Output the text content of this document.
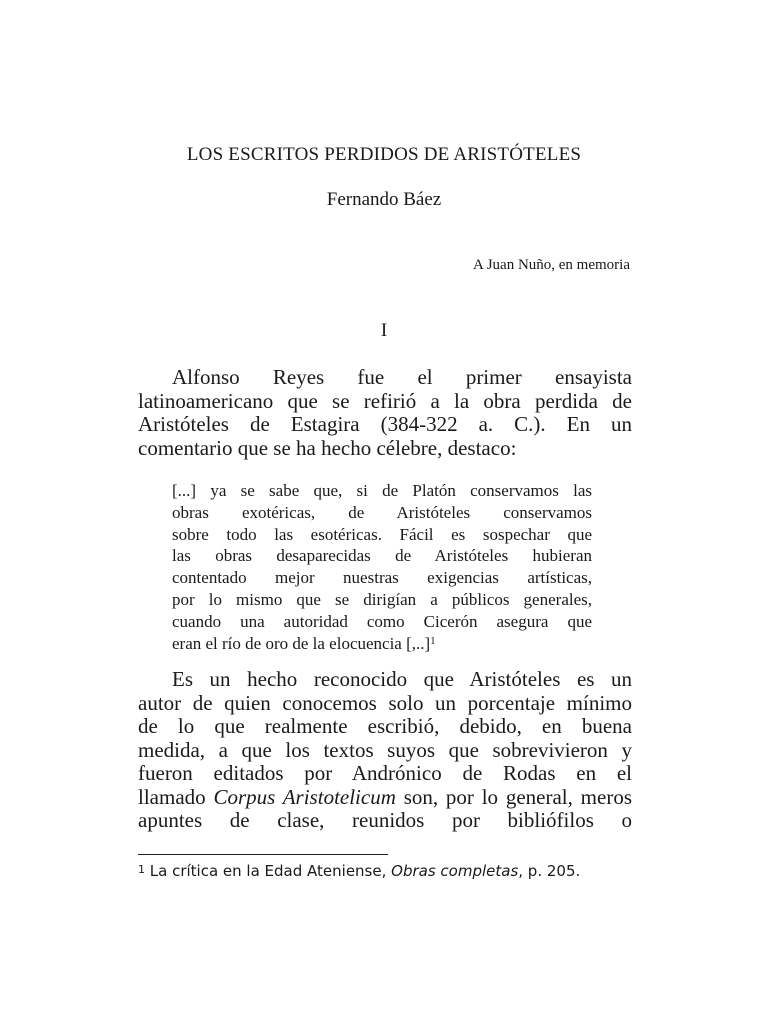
LOS ESCRITOS PERDIDOS DE ARISTÓTELES
Fernando Báez
A Juan Nuño, en memoria
I
Alfonso Reyes fue el primer ensayista
latinoamericano que se refirió a la obra perdida de
Aristóteles de Estagira (384-322 a. C.). En un
comentario que se ha hecho célebre, destaco:
[...] ya se sabe que, si de Platón conservamos las
obras exotéricas, de Aristóteles conservamos
sobre todo las esotéricas. Fácil es sospechar que
las obras desaparecidas de Aristóteles hubieran
contentado mejor nuestras exigencias artísticas,
por lo mismo que se dirigían a públicos generales,
cuando una autoridad como Cicerón asegura que
eran el río de oro de la elocuencia [,..]$^1$
Es un hecho reconocido que Aristóteles es un
autor de quien conocemos solo un porcentaje mínimo
de lo que realmente escribió, debido, en buena
medida, a que los textos suyos que sobrevivieron y
fueron editados por Andrónico de Rodas en el
llamado Corpus Aristotelicum son, por lo general, meros
apuntes de clase, reunidos por bibliófilos o
$^1$ La crítica en la Edad Ateniense, Obras completas, p. 205.
